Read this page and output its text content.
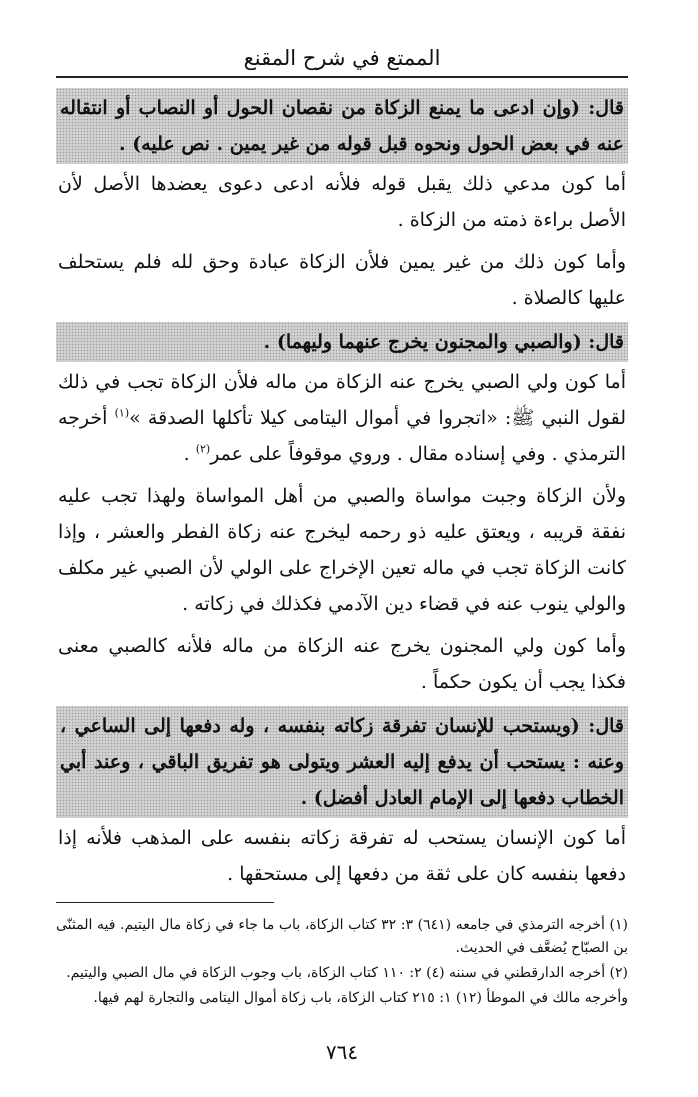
الممتع في شرح المقنع

قال: (وإن ادعى ما يمنع الزكاة من نقصان الحول أو النصاب أو انتقاله عنه في بعض الحول ونحوه قبل قوله من غير يمين . نص عليه) .

أما كون مدعي ذلك يقبل قوله فلأنه ادعى دعوى يعضدها الأصل لأن الأصل براءة ذمته من الزكاة .

وأما كون ذلك من غير يمين فلأن الزكاة عبادة وحق لله فلم يستحلف عليها كالصلاة .

قال: (والصبي والمجنون يخرج عنهما وليهما) .

أما كون ولي الصبي يخرج عنه الزكاة من ماله فلأن الزكاة تجب في ذلك لقول النبي ﷺ: «اتجروا في أموال اليتامى كيلا تأكلها الصدقة »$^{(١)}$ أخرجه الترمذي . وفي إسناده مقال . وروي موقوفاً على عمر$^{(٢)}$ .

ولأن الزكاة وجبت مواساة والصبي من أهل المواساة ولهذا تجب عليه نفقة قريبه ، ويعتق عليه ذو رحمه ليخرج عنه زكاة الفطر والعشر ، وإذا كانت الزكاة تجب في ماله تعين الإخراج على الولي لأن الصبي غير مكلف والولي ينوب عنه في قضاء دين الآدمي فكذلك في زكاته .

وأما كون ولي المجنون يخرج عنه الزكاة من ماله فلأنه كالصبي معنى فكذا يجب أن يكون حكماً .

قال: (ويستحب للإنسان تفرقة زكاته بنفسه ، وله دفعها إلى الساعي ، وعنه : يستحب أن يدفع إليه العشر ويتولى هو تفريق الباقي ، وعند أبي الخطاب دفعها إلى الإمام العادل أفضل) .

أما كون الإنسان يستحب له تفرقة زكاته بنفسه على المذهب فلأنه إذا دفعها بنفسه كان على ثقة من دفعها إلى مستحقها .

(١) أخرجه الترمذي في جامعه (٦٤١) ٣: ٣٢ كتاب الزكاة، باب ما جاء في زكاة مال اليتيم. فيه المثنّى بن الصبّاح يُضعَّف في الحديث.

(٢) أخرجه الدارقطني في سننه (٤) ٢: ١١٠ كتاب الزكاة، باب وجوب الزكاة في مال الصبي واليتيم.

وأخرجه مالك في الموطأ (١٢) ١: ٢١٥ كتاب الزكاة، باب زكاة أموال اليتامى والتجارة لهم فيها.

٧٦٤
